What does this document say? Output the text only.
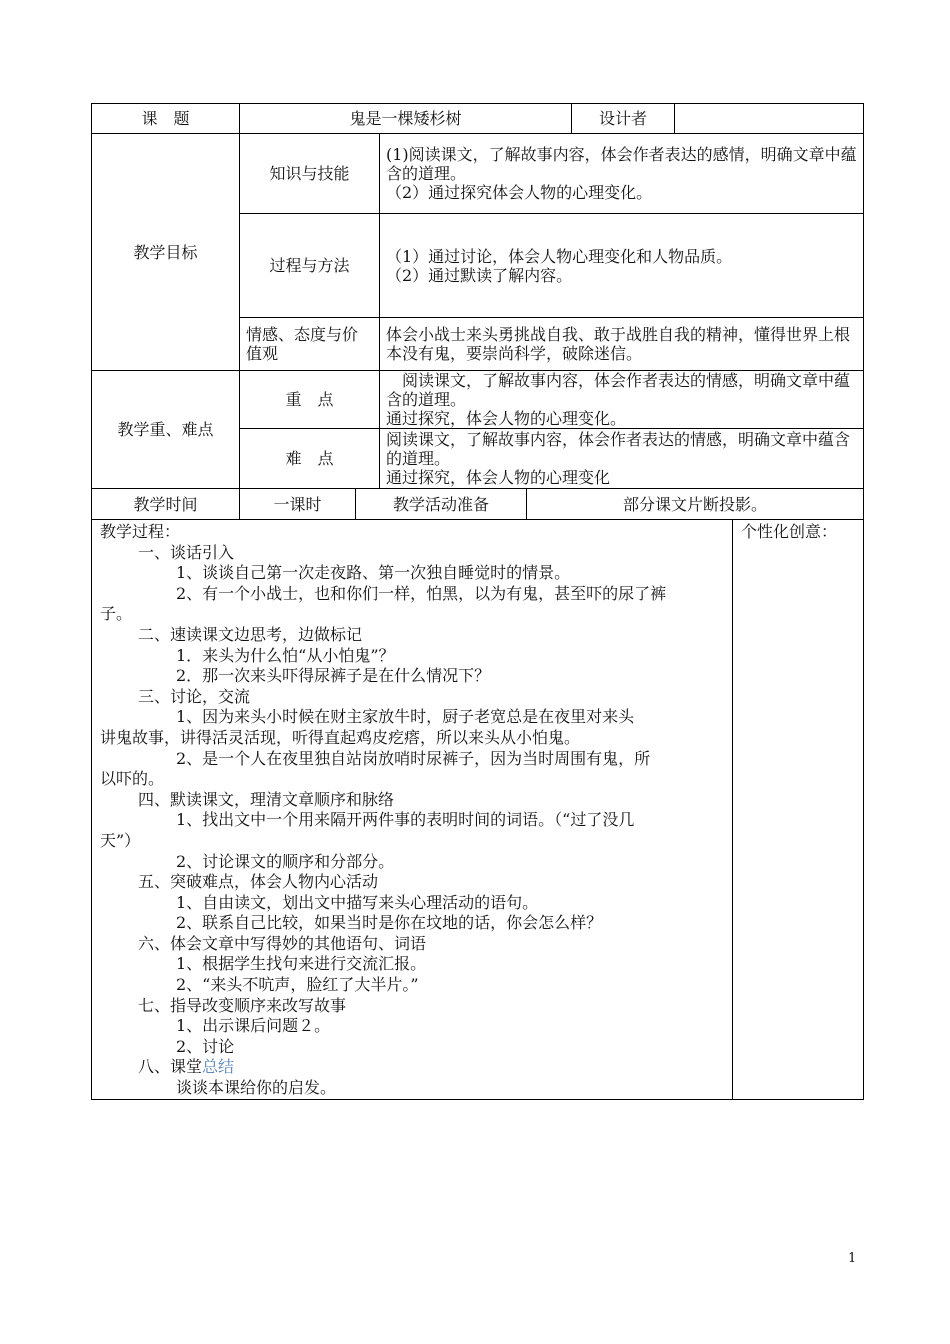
课　题	鬼是一棵矮杉树	设计者	
教学目标	知识与技能	(1)阅读课文，了解故事内容，体会作者表达的感情，明确文章中蕴含的道理。
（2）通过探究体会人物的心理变化。
	过程与方法	（1）通过讨论，体会人物心理变化和人物品质。
（2）通过默读了解内容。
	情感、态度与价值观	体会小战士来头勇挑战自我、敢于战胜自我的精神，懂得世界上根本没有鬼，要崇尚科学，破除迷信。
教学重、难点	重　点	　阅读课文，了解故事内容，体会作者表达的情感，明确文章中蕴含的道理。
通过探究，体会人物的心理变化。
	难　点	阅读课文，了解故事内容，体会作者表达的情感，明确文章中蕴含的道理。
通过探究，体会人物的心理变化
教学时间	一课时	教学活动准备	部分课文片断投影。
教学过程：
一、谈话引入
1、谈谈自己第一次走夜路、第一次独自睡觉时的情景。
2、有一个小战士，也和你们一样，怕黑，以为有鬼，甚至吓的尿了裤
子。
二、速读课文边思考，边做标记
1．来头为什么怕“从小怕鬼”？
2．那一次来头吓得尿裤子是在什么情况下？
三、讨论，交流
1、因为来头小时候在财主家放牛时，厨子老宽总是在夜里对来头
讲鬼故事，讲得活灵活现，听得直起鸡皮疙瘩，所以来头从小怕鬼。
2、是一个人在夜里独自站岗放哨时尿裤子，因为当时周围有鬼，所
以吓的。
四、默读课文，理清文章顺序和脉络
1、找出文中一个用来隔开两件事的表明时间的词语。（“过了没几
天”）
2、讨论课文的顺序和分部分。
五、突破难点，体会人物内心活动
1、自由读文，划出文中描写来头心理活动的语句。
2、联系自己比较，如果当时是你在坟地的话，你会怎么样？
六、体会文章中写得妙的其他语句、词语
1、根据学生找句来进行交流汇报。
2、“来头不吭声，脸红了大半片。”
七、指导改变顺序来改写故事
1、出示课后问题２。
2、讨论
八、课堂总结
谈谈本课给你的启发。
	个性化创意：
1
